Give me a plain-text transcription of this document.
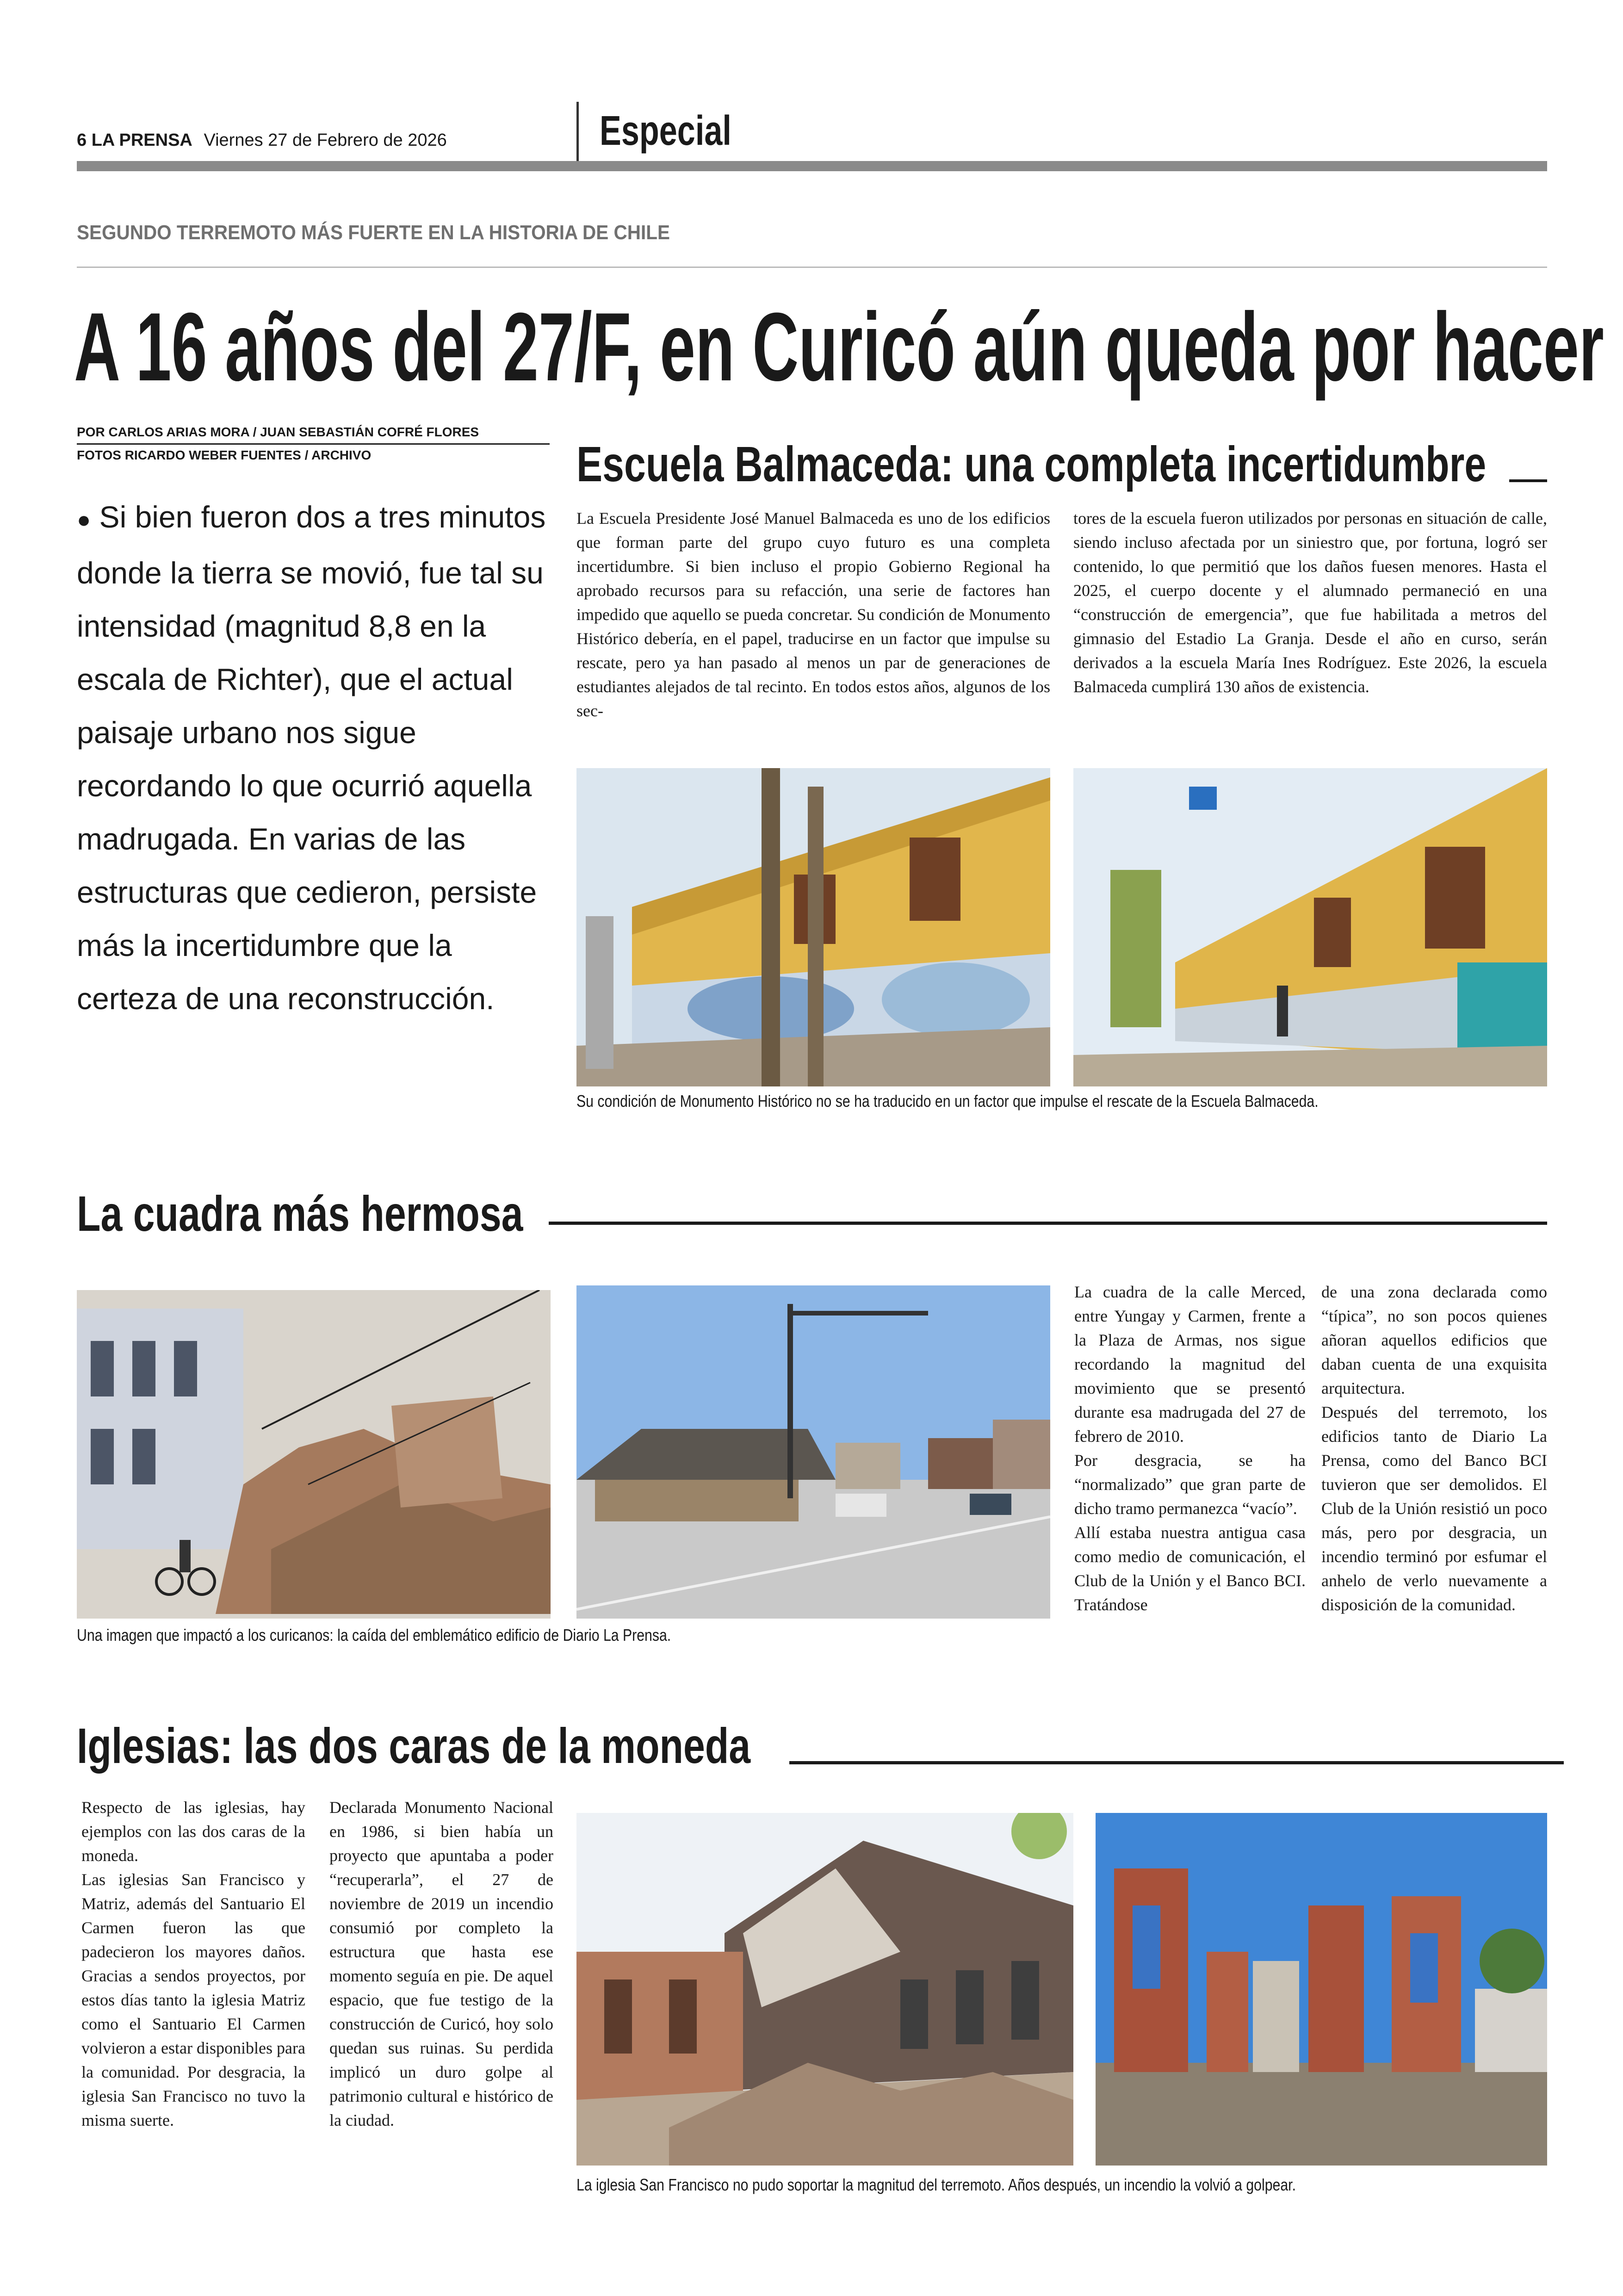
6 LA PRENSA Viernes 27 de Febrero de 2026	Especial
SEGUNDO TERREMOTO MÁS FUERTE EN LA HISTORIA DE CHILE
A 16 años del 27/F, en Curicó aún queda por hacer
POR CARLOS ARIAS MORA / JUAN SEBASTIÁN COFRÉ FLORES
FOTOS RICARDO WEBER FUENTES / ARCHIVO
● Si bien fueron dos a tres minutos donde la tierra se movió, fue tal su intensidad (magnitud 8,8 en la escala de Richter), que el actual paisaje urbano nos sigue recordando lo que ocurrió aquella madrugada. En varias de las estructuras que cedieron, persiste más la incertidumbre que la certeza de una reconstrucción.
Escuela Balmaceda: una completa incertidumbre
La Escuela Presidente José Manuel Balmaceda es uno de los edificios que forman parte del grupo cuyo futuro es una completa incertidumbre. Si bien incluso el propio Gobierno Regional ha aprobado recursos para su refacción, una serie de factores han impedido que aquello se pueda concretar. Su condición de Monumento Histórico debería, en el papel, traducirse en un factor que impulse su rescate, pero ya han pasado al menos un par de generaciones de estudiantes alejados de tal recinto. En todos estos años, algunos de los sec-
tores de la escuela fueron utilizados por personas en situación de calle, siendo incluso afectada por un siniestro que, por fortuna, logró ser contenido, lo que permitió que los daños fuesen menores. Hasta el 2025, el cuerpo docente y el alumnado permaneció en una “construcción de emergencia”, que fue habilitada a metros del gimnasio del Estadio La Granja. Desde el año en curso, serán derivados a la escuela María Ines Rodríguez. Este 2026, la escuela Balmaceda cumplirá 130 años de existencia.
Su condición de Monumento Histórico no se ha traducido en un factor que impulse el rescate de la Escuela Balmaceda.
La cuadra más hermosa
Una imagen que impactó a los curicanos: la caída del emblemático edificio de Diario La Prensa.

La cuadra de la calle Merced, entre Yungay y Carmen, frente a la Plaza de Armas, nos sigue recordando la magnitud del movimiento que se presentó durante esa madrugada del 27 de febrero de 2010.

Por desgracia, se ha “normalizado” que gran parte de dicho tramo permanezca “vacío”.

Allí estaba nuestra antigua casa como medio de comunicación, el Club de la Unión y el Banco BCI. Tratándose

de una zona declarada como “típica”, no son pocos quienes añoran aquellos edificios que daban cuenta de una exquisita arquitectura.

Después del terremoto, los edificios tanto de Diario La Prensa, como del Banco BCI tuvieron que ser demolidos. El Club de la Unión resistió un poco más, pero por desgracia, un incendio terminó por esfumar el anhelo de verlo nuevamente a disposición de la comunidad.

Iglesias: las dos caras de la moneda

Respecto de las iglesias, hay ejemplos con las dos caras de la moneda.

Las iglesias San Francisco y Matriz, además del Santuario El Carmen fueron las que padecieron los mayores daños. Gracias a sendos proyectos, por estos días tanto la iglesia Matriz como el Santuario El Carmen volvieron a estar disponibles para la comunidad. Por desgracia, la iglesia San Francisco no tuvo la misma suerte.

Declarada Monumento Nacional en 1986, si bien había un proyecto que apuntaba a poder “recuperarla”, el 27 de noviembre de 2019 un incendio consumió por completo la estructura que hasta ese momento seguía en pie. De aquel espacio, que fue testigo de la construcción de Curicó, hoy solo quedan sus ruinas. Su perdida implicó un duro golpe al patrimonio cultural e histórico de la ciudad.

La iglesia San Francisco no pudo soportar la magnitud del terremoto. Años después, un incendio la volvió a golpear.
